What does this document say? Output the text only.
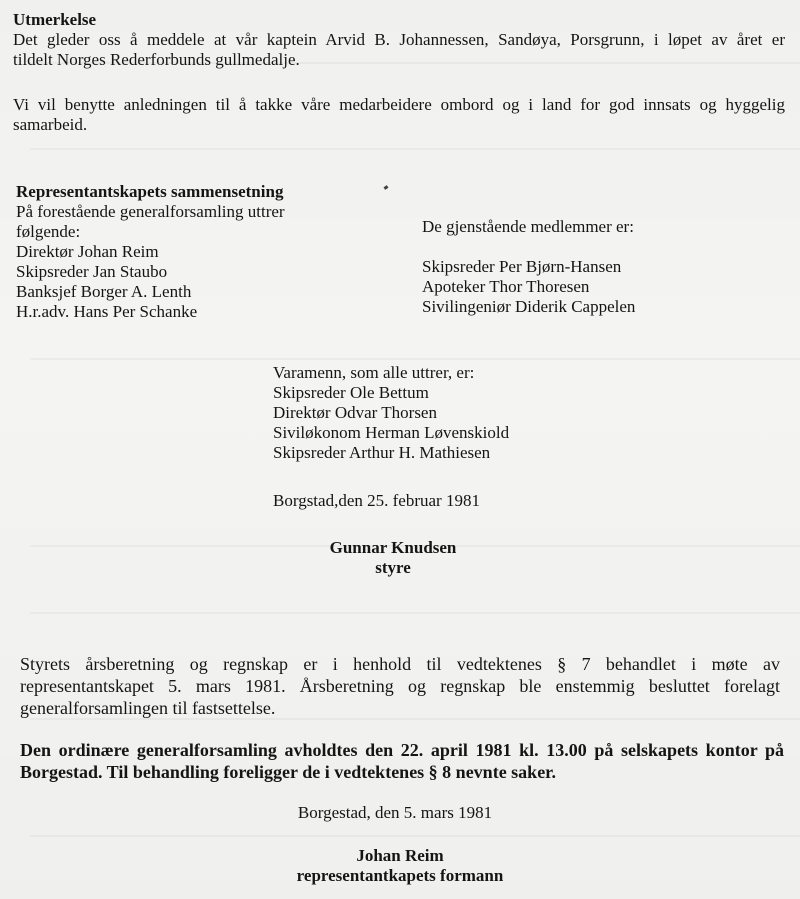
Utmerkelse
Det gleder oss å meddele at vår kaptein Arvid B. Johannessen, Sandøya, Porsgrunn, i løpet av året er
tildelt Norges Rederforbunds gullmedalje.
Vi vil benytte anledningen til å takke våre medarbeidere ombord og i land for god innsats og hyggelig
samarbeid.
Representantskapets sammensetning
På forestående generalforsamling uttrer
følgende:
Direktør Johan Reim
Skipsreder Jan Staubo
Banksjef Borger A. Lenth
H.r.adv. Hans Per Schanke
De gjenstående medlemmer er:
Skipsreder Per Bjørn-Hansen
Apoteker Thor Thoresen
Sivilingeniør Diderik Cappelen
Varamenn, som alle uttrer, er:
Skipsreder Ole Bettum
Direktør Odvar Thorsen
Siviløkonom Herman Løvenskiold
Skipsreder Arthur H. Mathiesen
Borgstad,den 25. februar 1981
Gunnar Knudsen
styre
Styrets årsberetning og regnskap er i henhold til vedtektenes § 7 behandlet i møte av
representantskapet 5. mars 1981. Årsberetning og regnskap ble enstemmig besluttet forelagt
generalforsamlingen til fastsettelse.
Den ordinære generalforsamling avholdtes den 22. april 1981 kl. 13.00 på selskapets kontor på
Borgestad. Til behandling foreligger de i vedtektenes § 8 nevnte saker.
Borgestad, den 5. mars 1981
Johan Reim
representantkapets formann
